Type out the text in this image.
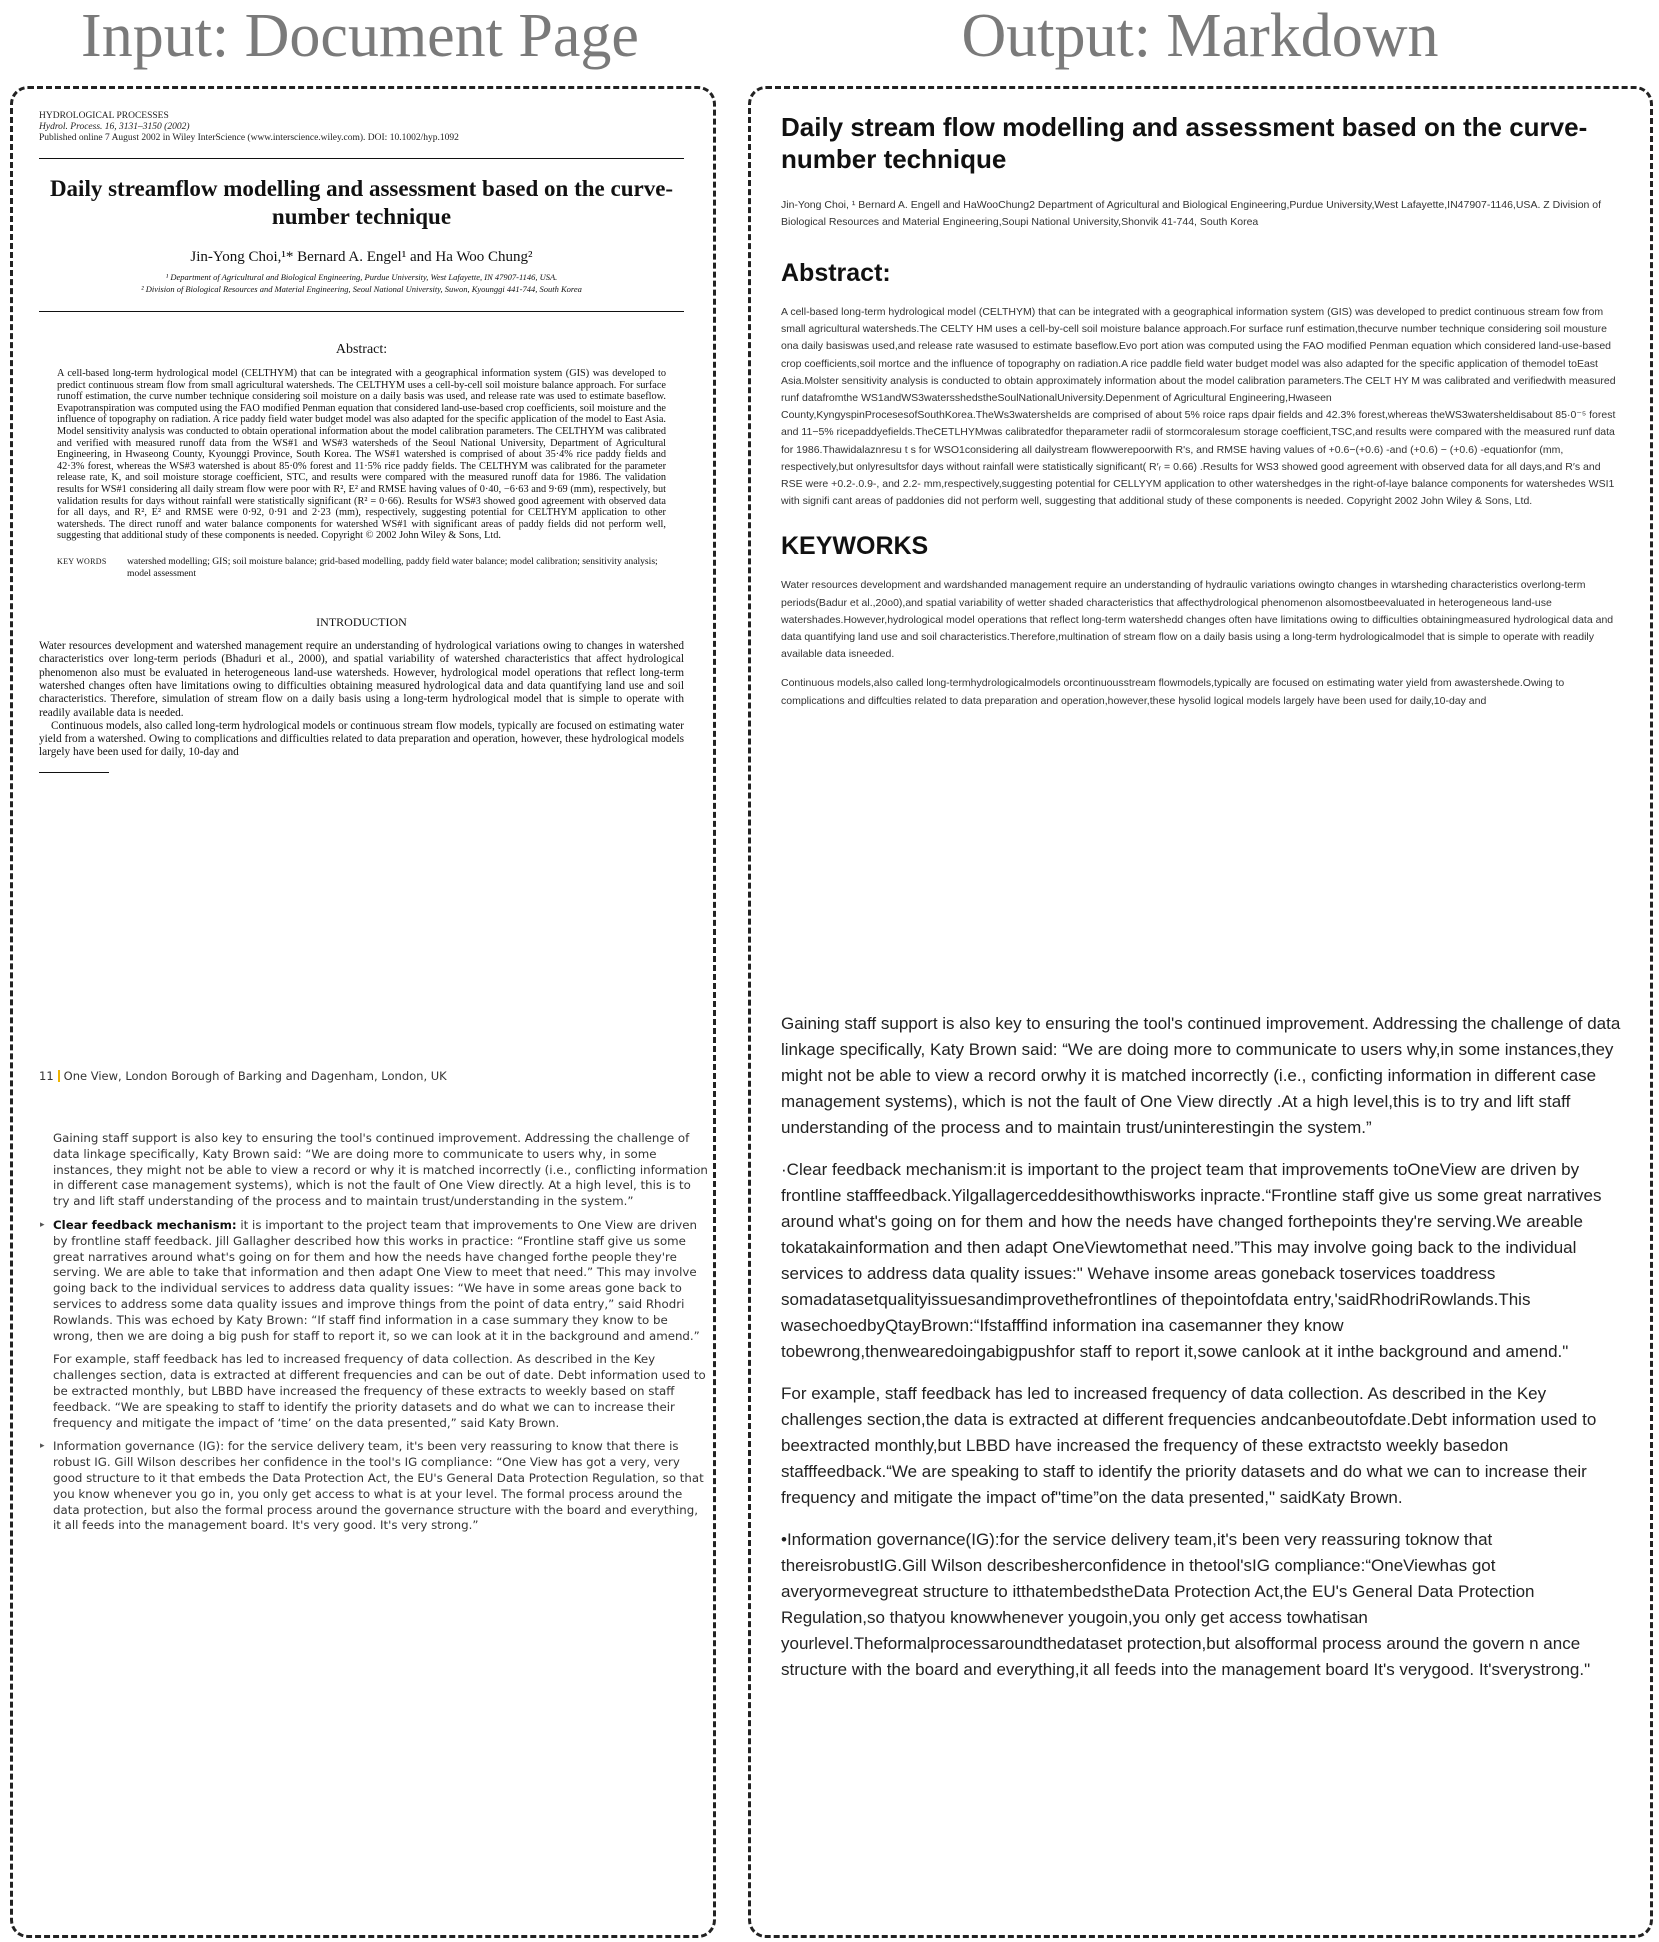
Input: Document Page	Output: Markdown
HYDROLOGICAL PROCESSES
Hydrol. Process. 16, 3131–3150 (2002)
Published online 7 August 2002 in Wiley InterScience (www.interscience.wiley.com). DOI: 10.1002/hyp.1092
Daily streamflow modelling and assessment based on the curve-number technique
Jin-Yong Choi,¹* Bernard A. Engel¹ and Ha Woo Chung²
¹ Department of Agricultural and Biological Engineering, Purdue University, West Lafayette, IN 47907-1146, USA.
² Division of Biological Resources and Material Engineering, Seoul National University, Suwon, Kyounggi 441-744, South Korea
Abstract:
A cell-based long-term hydrological model (CELTHYM) that can be integrated with a geographical information system (GIS) was developed to predict continuous stream flow from small agricultural watersheds. The CELTHYM uses a cell-by-cell soil moisture balance approach. For surface runoff estimation, the curve number technique considering soil moisture on a daily basis was used, and release rate was used to estimate baseflow. Evapotranspiration was computed using the FAO modified Penman equation that considered land-use-based crop coefficients, soil moisture and the influence of topography on radiation. A rice paddy field water budget model was also adapted for the specific application of the model to East Asia. Model sensitivity analysis was conducted to obtain operational information about the model calibration parameters. The CELTHYM was calibrated and verified with measured runoff data from the WS#1 and WS#3 watersheds of the Seoul National University, Department of Agricultural Engineering, in Hwaseong County, Kyounggi Province, South Korea. The WS#1 watershed is comprised of about 35·4% rice paddy fields and 42·3% forest, whereas the WS#3 watershed is about 85·0% forest and 11·5% rice paddy fields. The CELTHYM was calibrated for the parameter release rate, K, and soil moisture storage coefficient, STC, and results were compared with the measured runoff data for 1986. The validation results for WS#1 considering all daily stream flow were poor with R², E² and RMSE having values of 0·40, −6·63 and 9·69 (mm), respectively, but validation results for days without rainfall were statistically significant (R² = 0·66). Results for WS#3 showed good agreement with observed data for all days, and R², E² and RMSE were 0·92, 0·91 and 2·23 (mm), respectively, suggesting potential for CELTHYM application to other watersheds. The direct runoff and water balance components for watershed WS#1 with significant areas of paddy fields did not perform well, suggesting that additional study of these components is needed. Copyright © 2002 John Wiley & Sons, Ltd.
KEY WORDS	watershed modelling; GIS; soil moisture balance; grid-based modelling, paddy field water balance; model calibration; sensitivity analysis; model assessment
INTRODUCTION

Water resources development and watershed management require an understanding of hydrological variations owing to changes in watershed characteristics over long-term periods (Bhaduri et al., 2000), and spatial variability of watershed characteristics that affect hydrological phenomenon also must be evaluated in heterogeneous land-use watersheds. However, hydrological model operations that reflect long-term watershed changes often have limitations owing to difficulties obtaining measured hydrological data and data quantifying land use and soil characteristics. Therefore, simulation of stream flow on a daily basis using a long-term hydrological model that is simple to operate with readily available data is needed.

Continuous models, also called long-term hydrological models or continuous stream flow models, typically are focused on estimating water yield from a watershed. Owing to complications and difficulties related to data preparation and operation, however, these hydrological models largely have been used for daily, 10-day and

11 One View, London Borough of Barking and Dagenham, London, UK

Gaining staff support is also key to ensuring the tool's continued improvement. Addressing the challenge of data linkage specifically, Katy Brown said: “We are doing more to communicate to users why, in some instances, they might not be able to view a record or why it is matched incorrectly (i.e., conflicting information in different case management systems), which is not the fault of One View directly. At a high level, this is to try and lift staff understanding of the process and to maintain trust/understanding in the system.”

▸ Clear feedback mechanism: it is important to the project team that improvements to One View are driven by frontline staff feedback. Jill Gallagher described how this works in practice: “Frontline staff give us some great narratives around what's going on for them and how the needs have changed forthe people they're serving. We are able to take that information and then adapt One View to meet that need.” This may involve going back to the individual services to address data quality issues: “We have in some areas gone back to services to address some data quality issues and improve things from the point of data entry,” said Rhodri Rowlands. This was echoed by Katy Brown: “If staff find information in a case summary they know to be wrong, then we are doing a big push for staff to report it, so we can look at it in the background and amend.”

For example, staff feedback has led to increased frequency of data collection. As described in the Key challenges section, data is extracted at different frequencies and can be out of date. Debt information used to be extracted monthly, but LBBD have increased the frequency of these extracts to weekly based on staff feedback. “We are speaking to staff to identify the priority datasets and do what we can to increase their frequency and mitigate the impact of ‘time’ on the data presented,” said Katy Brown.

▸ Information governance (IG): for the service delivery team, it's been very reassuring to know that there is robust IG. Gill Wilson describes her confidence in the tool's IG compliance: “One View has got a very, very good structure to it that embeds the Data Protection Act, the EU's General Data Protection Regulation, so that you know whenever you go in, you only get access to what is at your level. The formal process around the data protection, but also the formal process around the governance structure with the board and everything, it all feeds into the management board. It's very good. It's very strong.”

Daily stream flow modelling and assessment based on the curve-number technique
Jin-Yong Choi, ¹ Bernard A. Engell and HaWooChung2 Department of Agricultural and Biological Engineering,Purdue University,West Lafayette,IN47907-1146,USA. Z Division of Biological Resources and Material Engineering,Soupi National University,Shonvik 41-744, South Korea
Abstract:
A cell-based long-term hydrological model (CELTHYM) that can be integrated with a geographical information system (GIS) was developed to predict continuous stream fow from small agricultural watersheds.The CELTY HM uses a cell-by-cell soil moisture balance approach.For surface runf estimation,thecurve number technique considering soil mousture ona daily basiswas used,and release rate wasused to estimate baseflow.Evo port ation was computed using the FAO modified Penman equation which considered land-use-based crop coefficients,soil mortce and the influence of topography on radiation.A rice paddle field water budget model was also adapted for the specific application of themodel toEast Asia.Molster sensitivity analysis is conducted to obtain approximately information about the model calibration parameters.The CELT HY M was calibrated and verifiedwith measured runf datafromthe WS1andWS3watersshedstheSoulNationalUniversity.Depenment of Agricultural Engineering,Hwaseen County,KyngyspinProcesesofSouthKorea.TheWs3watersheIds are comprised of about 5% roice raps dpair fields and 42.3% forest,whereas theWS3watersheldisabout 85·0⁻⁵ forest and 11−5% ricepaddyefields.TheCETLHYMwas calibratedfor theparameter radii of stormcoralesum storage coefficient,TSC,and results were compared with the measured runf data for 1986.Thawidalaznresu t s for WSO1considering all dailystream flowwerepoorwith R's, and RMSE having values of +0.6−(+0.6) -and (+0.6) − (+0.6) -equationfor (mm, respectively,but onlyresultsfor days without rainfall were statistically significant( R′ᵣ = 0.66) .Results for WS3 showed good agreement with observed data for all days,and R′s and RSE were +0.2-.0.9-, and 2.2- mm,respectively,suggesting potential for CELLYYM application to other watershedges in the right-of-laye balance components for watershedes WSI1 with signifi cant areas of paddonies did not perform well, suggesting that additional study of these components is needed. Copyright 2002 John Wiley & Sons, Ltd.
KEYWORKS
Water resources development and wardshanded management require an understanding of hydraulic variations owingto changes in wtarsheding characteristics overlong-term periods(Badur et al.,20o0),and spatial variability of wetter shaded characteristics that affecthydrological phenomenon alsomostbeevaluated in heterogeneous land-use watershades.However,hydrological model operations that reflect long-term watershedd changes often have limitations owing to difficulties obtainingmeasured hydrological data and data quantifying land use and soil characteristics.Therefore,multination of stream flow on a daily basis using a long-term hydrologicalmodel that is simple to operate with readily available data isneeded.
Continuous models,also called long-termhydrologicalmodels orcontinuousstream flowmodels,typically are focused on estimating water yield from awastershede.Owing to complications and diffculties related to data preparation and operation,however,these hysolid logical models largely have been used for daily,10-day and

Gaining staff support is also key to ensuring the tool's continued improvement. Addressing the challenge of data linkage specifically, Katy Brown said: “We are doing more to communicate to users why,in some instances,they might not be able to view a record orwhy it is matched incorrectly (i.e., conficting information in different case management systems), which is not the fault of One View directly .At a high level,this is to try and lift staff understanding of the process and to maintain trust/uninterestingin the system.”

·Clear feedback mechanism:it is important to the project team that improvements toOneView are driven by frontline stafffeedback.Yilgallagerceddesithowthisworks inpracte.“Frontline staff give us some great narratives around what's going on for them and how the needs have changed forthepoints they're serving.We areable tokatakainformation and then adapt OneViewtomethat need.”This may involve going back to the individual services to address data quality issues:" Wehave insome areas goneback toservices toaddress somadatasetqualityissuesandimprovethefrontlines of thepointofdata entry,'saidRhodriRowlands.This wasechoedbyQtayBrown:“Ifstafffind information ina casemanner they know tobewrong,thenwearedoingabigpushfor staff to report it,sowe canlook at it inthe background and amend."

For example, staff feedback has led to increased frequency of data collection. As described in the Key challenges section,the data is extracted at different frequencies andcanbeoutofdate.Debt information used to beextracted monthly,but LBBD have increased the frequency of these extractsto weekly basedon stafffeedback.“We are speaking to staff to identify the priority datasets and do what we can to increase their frequency and mitigate the impact of"time”on the data presented," saidKaty Brown.

•Information governance(IG):for the service delivery team,it's been very reassuring toknow that thereisrobustIG.Gill Wilson describesherconfidence in thetool'sIG compliance:“OneViewhas got averyormevegreat structure to itthatembedstheData Protection Act,the EU's General Data Protection Regulation,so thatyou knowwhenever yougoin,you only get access towhatisan yourlevel.Theformalprocessaroundthedataset protection,but alsofformal process around the govern n ance structure with the board and everything,it all feeds into the management board It's verygood. It'sverystrong."
